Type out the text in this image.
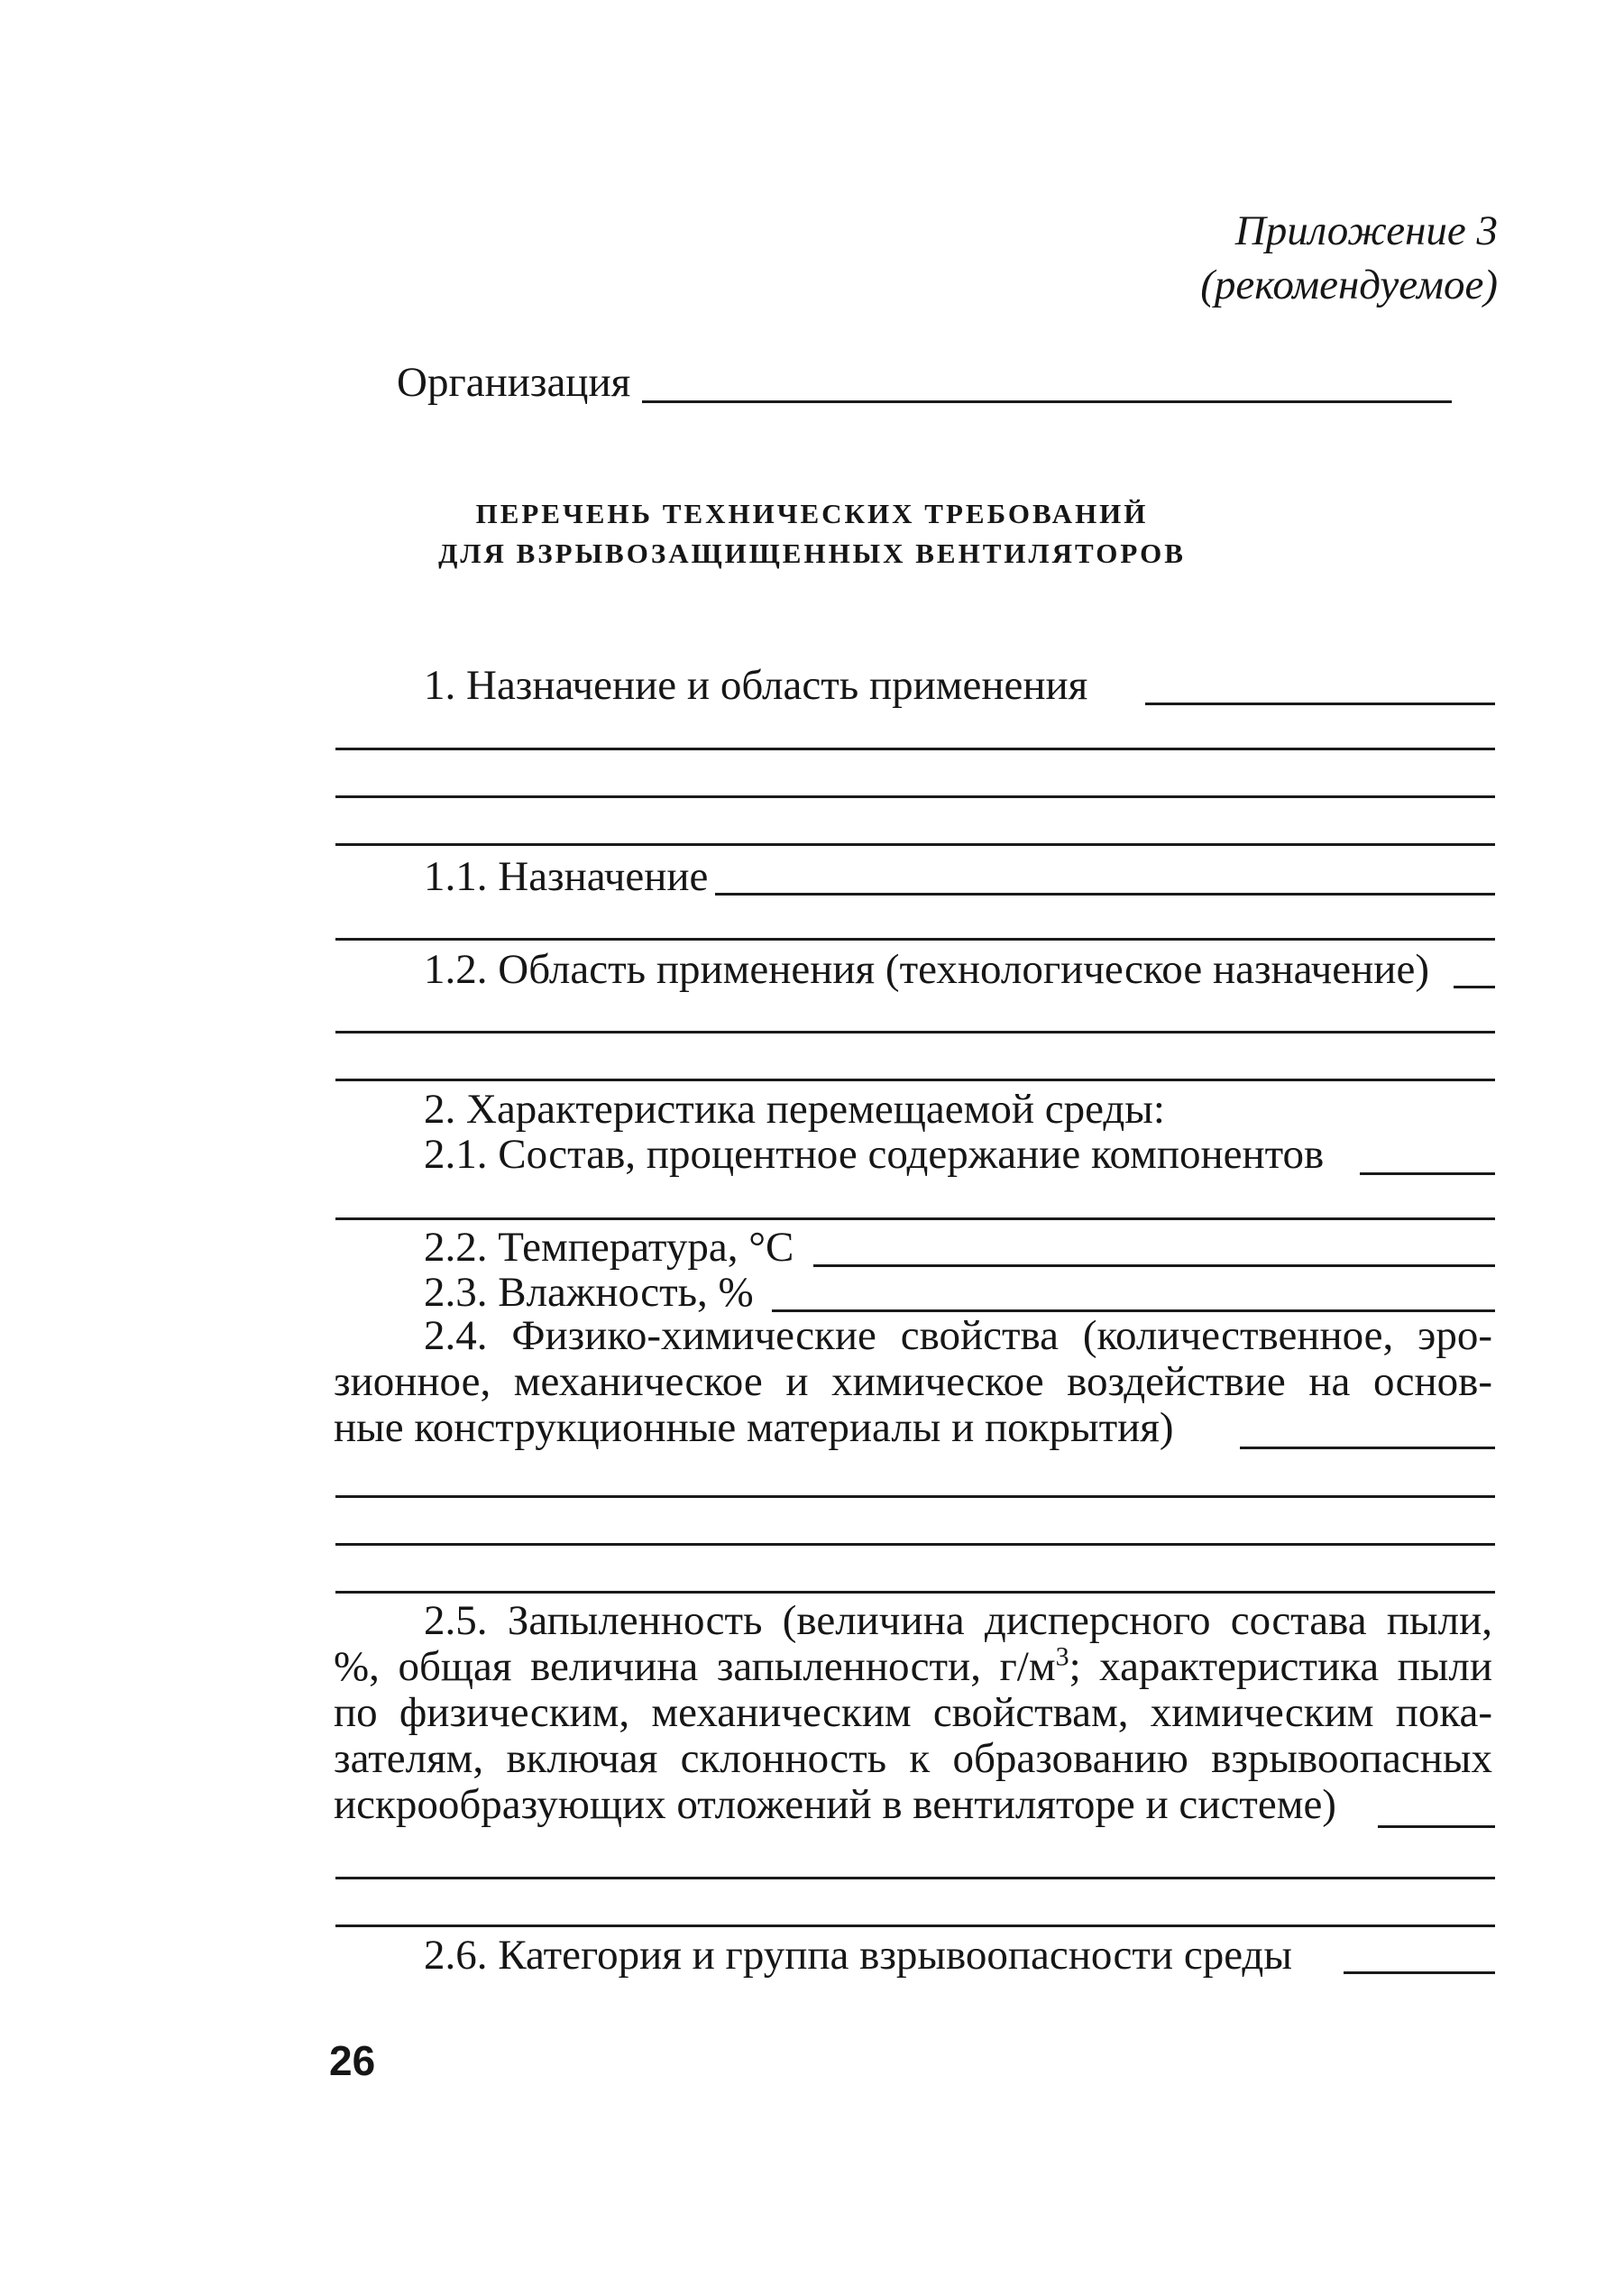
Приложение 3
(рекомендуемое)
Организация
ПЕРЕЧЕНЬ ТЕХНИЧЕСКИХ ТРЕБОВАНИЙ
ДЛЯ ВЗРЫВОЗАЩИЩЕННЫХ ВЕНТИЛЯТОРОВ
1. Назначение и область применения
1.1. Назначение
1.2. Область применения (технологическое назначение)
2. Характеристика перемещаемой среды:
2.1. Состав, процентное содержание компонентов
2.2. Температура, °С
2.3. Влажность, %
2.4. Физико-химические свойства (количественное, эро-
зионное, механическое и химическое воздействие на основ-
ные конструкционные материалы и покрытия)
2.5. Запыленность (величина дисперсного состава пыли,
%, общая величина запыленности, $г/м^3$; характеристика пыли
по физическим, механическим свойствам, химическим пока-
зателям, включая склонность к образованию взрывоопасных
искрообразующих отложений в вентиляторе и системе)
2.6. Категория и группа взрывоопасности среды
26
